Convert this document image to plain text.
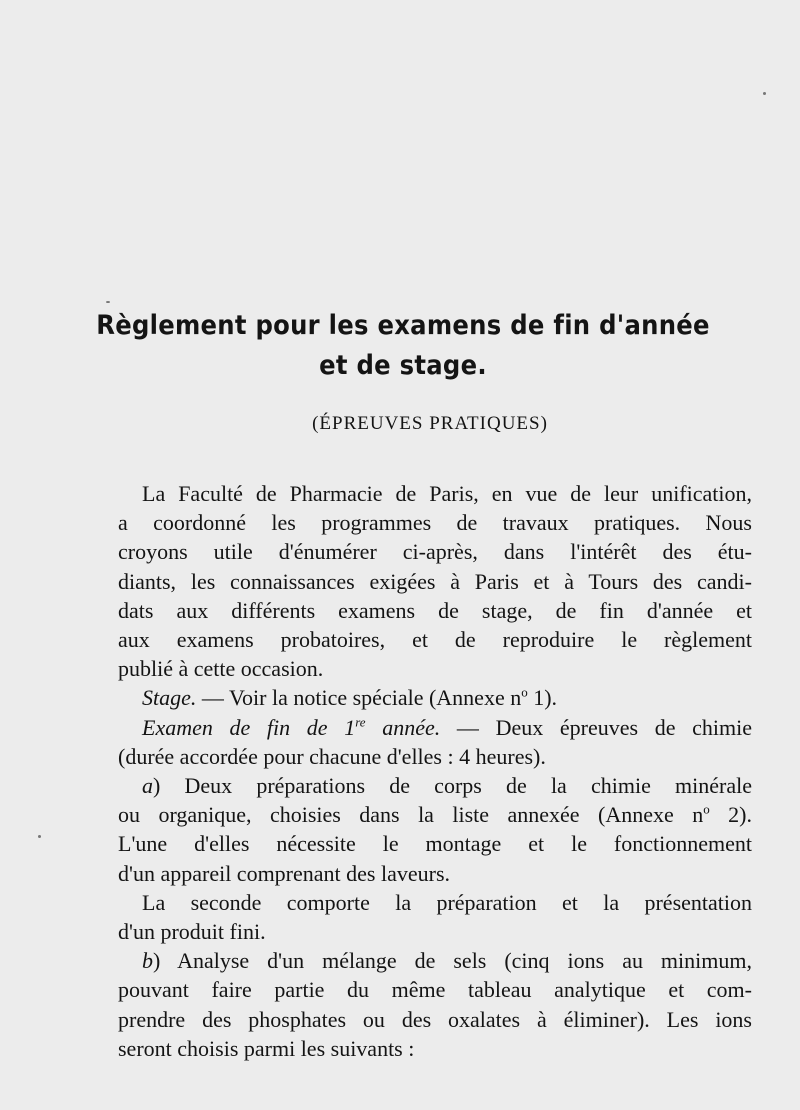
Règlement pour les examens de fin d'année
et de stage.
(ÉPREUVES PRATIQUES)

La Faculté de Pharmacie de Paris, en vue de leur unification,

a coordonné les programmes de travaux pratiques. Nous

croyons utile d'énumérer ci-après, dans l'intérêt des étu-

diants, les connaissances exigées à Paris et à Tours des candi-

dats aux différents examens de stage, de fin d'année et

aux examens probatoires, et de reproduire le règlement

publié à cette occasion.

Stage. — Voir la notice spéciale (Annexe $n^o$ 1).

Examen de fin de 1re année. — Deux épreuves de chimie

(durée accordée pour chacune d'elles : 4 heures).

a) Deux préparations de corps de la chimie minérale

ou organique, choisies dans la liste annexée (Annexe $n^o$ 2).

L'une d'elles nécessite le montage et le fonctionnement

d'un appareil comprenant des laveurs.

La seconde comporte la préparation et la présentation

d'un produit fini.

b) Analyse d'un mélange de sels (cinq ions au minimum,

pouvant faire partie du même tableau analytique et com-

prendre des phosphates ou des oxalates à éliminer). Les ions

seront choisis parmi les suivants :
